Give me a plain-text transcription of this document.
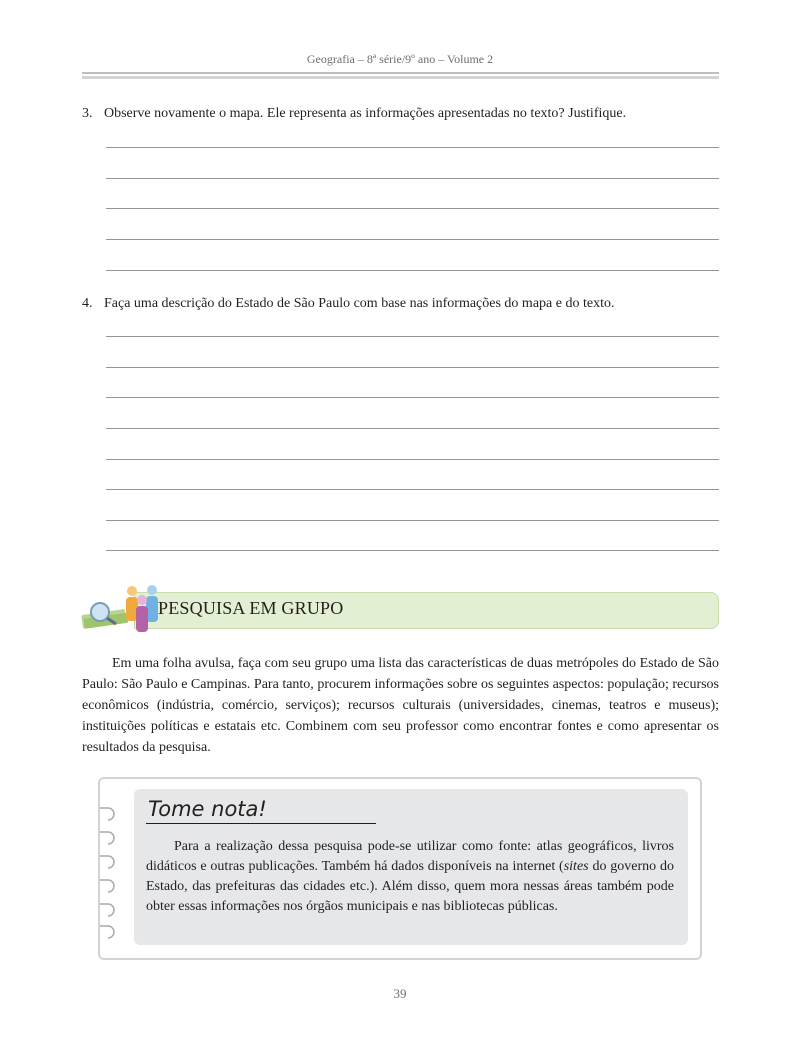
Geografia – 8ª série/9º ano – Volume 2
3. Observe novamente o mapa. Ele representa as informações apresentadas no texto? Justifique.
4. Faça uma descrição do Estado de São Paulo com base nas informações do mapa e do texto.
PESQUISA EM GRUPO
Em uma folha avulsa, faça com seu grupo uma lista das características de duas metrópoles do Estado de São Paulo: São Paulo e Campinas. Para tanto, procurem informações sobre os seguintes aspectos: população; recursos econômicos (indústria, comércio, serviços); recursos culturais (universidades, cinemas, teatros e museus); instituições políticas e estatais etc. Combinem com seu professor como encontrar fontes e como apresentar os resultados da pesquisa.
Tome nota!
Para a realização dessa pesquisa pode-se utilizar como fonte: atlas geográficos, livros didáticos e outras publicações. Também há dados disponíveis na internet (sites do governo do Estado, das prefeituras das cidades etc.). Além disso, quem mora nessas áreas também pode obter essas informações nos órgãos municipais e nas bibliotecas públicas.
39
